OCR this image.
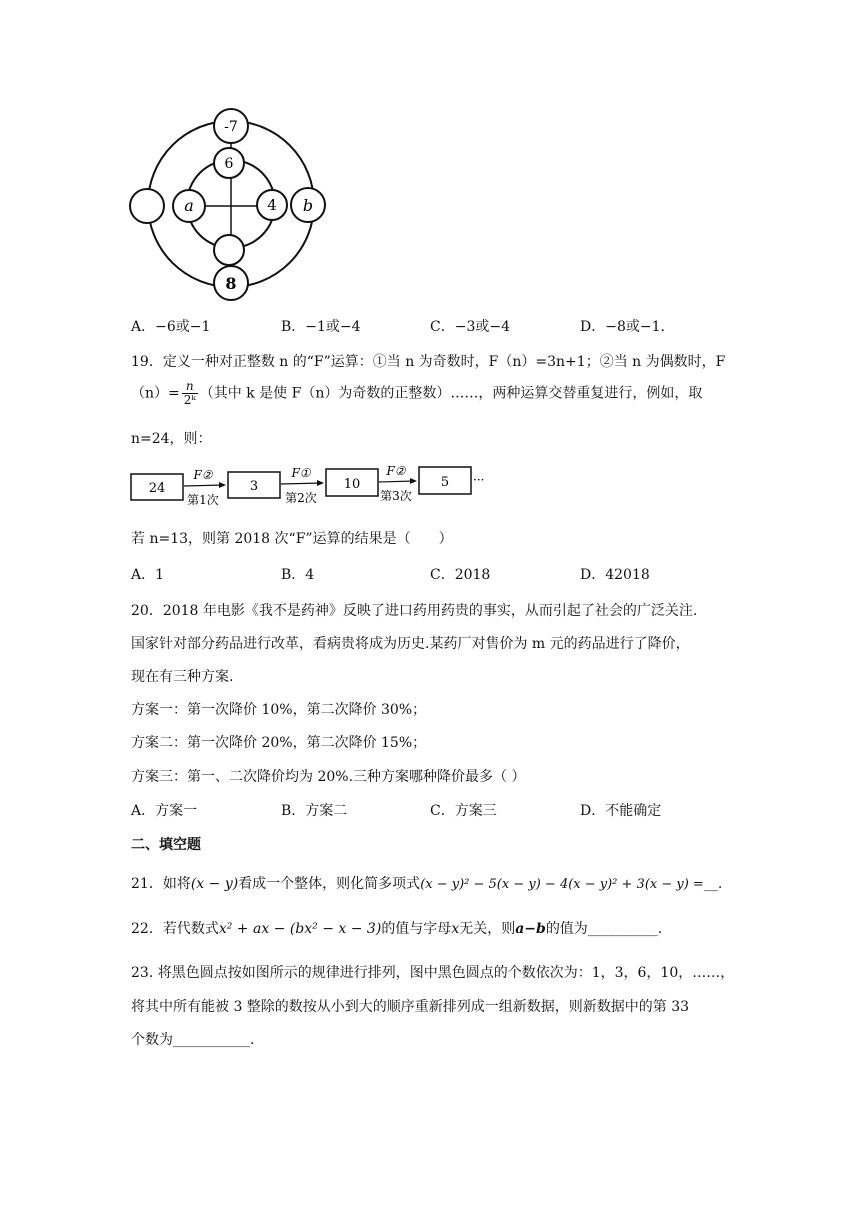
-7
6
a	4 b
8
A．−6或−1	B．−1或−4	C．−3或−4	D．−8或−1．
19．定义一种对正整数 n 的“F”运算：①当 n 为奇数时，F（n）=3n+1；②当 n 为偶数时，F
$(n)= \frac{n}{\text{2ᵏ}}$ （其中 k 是使 F（n）为奇数的正整数）……，两种运算交替重复进行，例如，取
n=24，则：
24	3	10	5
F②	F①	F②
第1次	第2次	第3次
···
若 n=13，则第 2018 次“F”运算的结果是（　　）
A．1	B．4	C．2018	D．42018
20．2018 年电影《我不是药神》反映了进口药用药贵的事实，从而引起了社会的广泛关注.
国家针对部分药品进行改革，看病贵将成为历史.某药厂对售价为 m 元的药品进行了降价，
现在有三种方案.
方案一：第一次降价 10%，第二次降价 30%；
方案二：第一次降价 20%，第二次降价 15%；
方案三：第一、二次降价均为 20%.三种方案哪种降价最多（ ）
A．方案一	B．方案二	C．方案三	D．不能确定
二、填空题
21．如将(x − y)看成一个整体，则化简多项式(x − y)² − 5(x − y) − 4(x − y)² + 3(x − y) =__.
22．若代数式x² + ax − (bx² − x − 3)的值与字母x无关，则a−b的值为__________.
23. 将黑色圆点按如图所示的规律进行排列，图中黑色圆点的个数依次为：1，3，6，10，……，
将其中所有能被 3 整除的数按从小到大的顺序重新排列成一组新数据，则新数据中的第 33
个数为___________.
